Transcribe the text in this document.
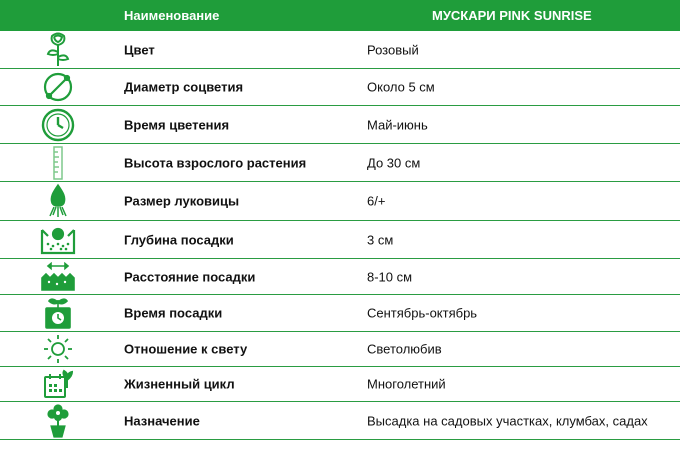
Наименование	МУСКАРИ PINK SUNRISE
Цвет	Розовый
Диаметр соцветия	Около 5 см
Время цветения	Май-июнь
Высота взрослого растения	До 30 см
Размер луковицы	6/+
Глубина посадки	3 см
Расстояние посадки	8-10 см
Время посадки	Сентябрь-октябрь
Отношение к свету	Светолюбив
Жизненный цикл	Многолетний
Назначение	Высадка на садовых участках, клумбах, садах
